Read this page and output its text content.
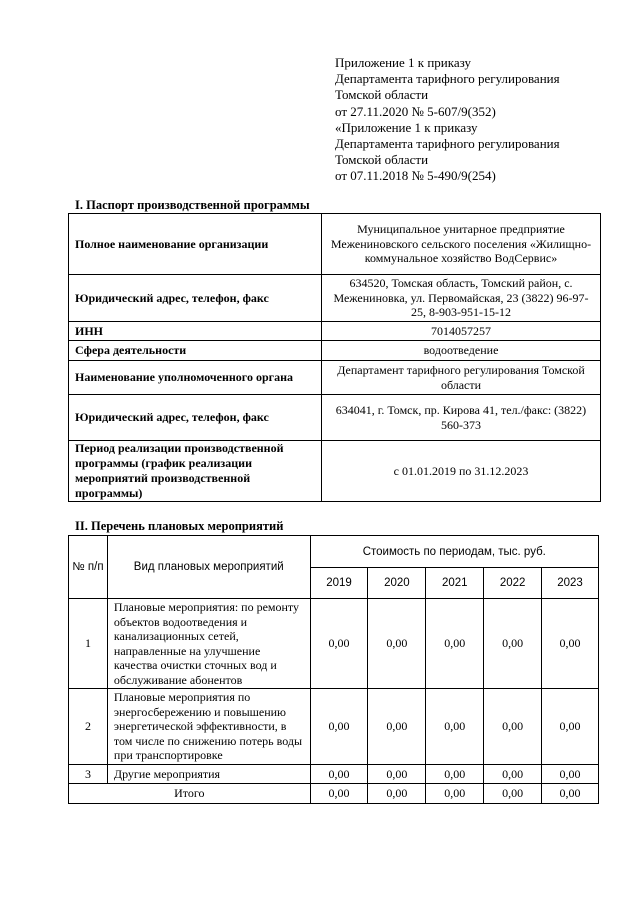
Приложение 1 к приказу
Департамента тарифного регулирования
Томской области
от 27.11.2020 № 5-607/9(352)
«Приложение 1 к приказу
Департамента тарифного регулирования
Томской области
от 07.11.2018 № 5-490/9(254)
I. Паспорт производственной программы
Полное наименование организации	Муниципальное унитарное предприятие Межениновского сельского поселения «Жилищно-коммунальное хозяйство ВодСервис»
Юридический адрес, телефон, факс	634520, Томская область, Томский район, с. Межениновка, ул. Первомайская, 23 (3822) 96-97-25, 8-903-951-15-12
ИНН	7014057257
Сфера деятельности	водоотведение
Наименование уполномоченного органа	Департамент тарифного регулирования Томской области
Юридический адрес, телефон, факс	634041, г. Томск, пр. Кирова 41, тел./факс: (3822) 560-373
Период реализации производственной программы (график реализации мероприятий производственной программы)	с 01.01.2019 по 31.12.2023
II. Перечень плановых мероприятий
№ п/п	Вид плановых мероприятий	Стоимость по периодам, тыс. руб.				
		2019	2020	2021	2022	2023
1	Плановые мероприятия: по ремонту объектов водоотведения и канализационных сетей, направленные на улучшение качества очистки сточных вод и обслуживание абонентов	0,00	0,00	0,00	0,00	0,00
2	Плановые мероприятия по энергосбережению и повышению энергетической эффективности, в том числе по снижению потерь воды при транспортировке	0,00	0,00	0,00	0,00	0,00
3	Другие мероприятия	0,00	0,00	0,00	0,00	0,00
Итого		0,00	0,00	0,00	0,00	0,00
